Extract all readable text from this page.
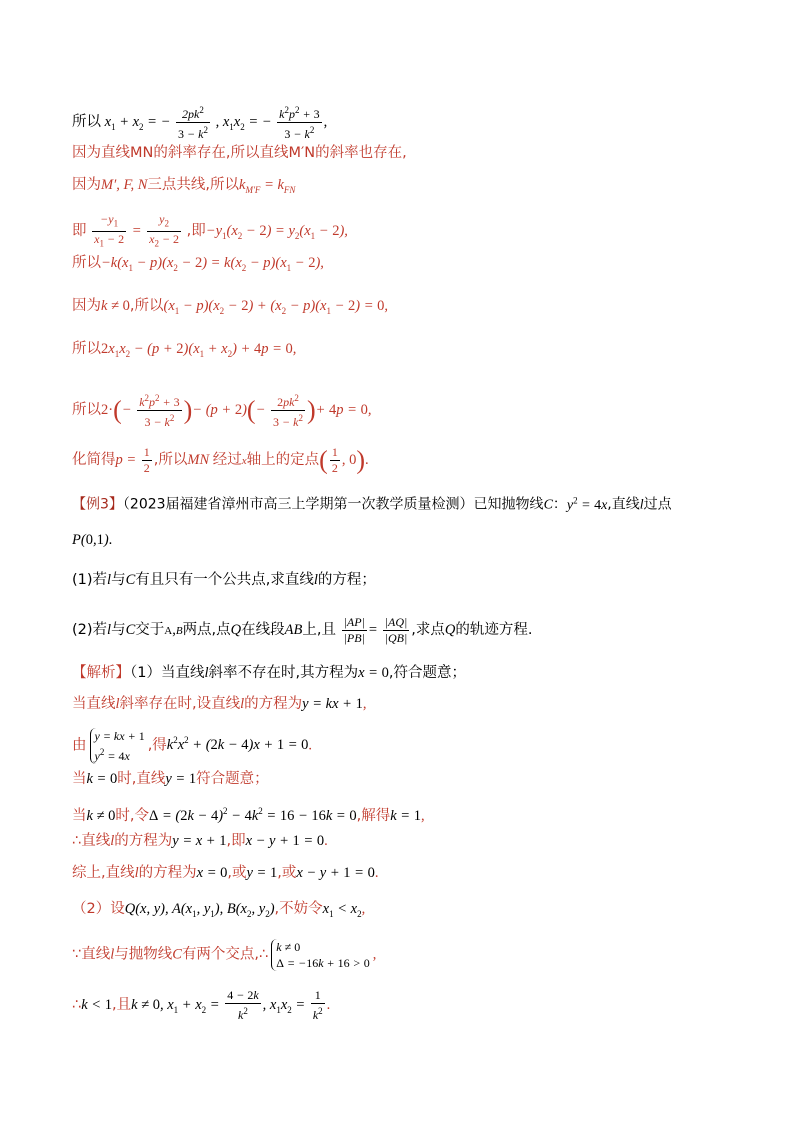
所以 $x_1 + x_2$ = − $\frac{2pk^2}{3 - k^2}$ , $x_1x_2$ = − $\frac{k^2p^2 + 3}{3 - k^2}$ ,
因为直线MN的斜率存在,所以直线M′N的斜率也存在,
因为M′, F, N三点共线,所以$k_{M'F} = k_{FN}$
即 $\frac{-y_1}{x_1 - 2} = \frac{y_2}{x_2 - 2}$ ,即$-y_1(x_2 - 2) = y_2(x_1 - 2)$,
所以$-k(x_1 - p)(x_2 - 2) = k(x_2 - p)(x_1 - 2)$,
因为k ≠ 0,所以$(x_1 - p)(x_2 - 2) + (x_2 - p)(x_1 - 2) = 0$,
所以$2x_1x_2 - (p + 2)(x_1 + x_2) + 4p = 0$,
所以$2\cdot(- \frac{k^2p^2 + 3}{3 - k^2}$ )− $(p + 2)(- \frac{2pk^2}{3 - k^2}$ )+ 4p = 0,
化简得$p = \frac{1}{2}$ ,所以MN 经过x轴上的定点( $\frac{1}{2}$ , 0).
【例3】（2023届福建省漳州市高三上学期第一次教学质量检测）已知抛物线C：$y^2 = 4x$,直线l过点
P(0,1).
(1)若l与C有且只有一个公共点,求直线l的方程；
(2)若l与C交于A,B两点,点Q在线段AB上,且 $\frac{|AP|}{|PB|} = \frac{|AQ|}{|QB|}$ ,求点Q的轨迹方程.
【解析】（1）当直线l斜率不存在时,其方程为x = 0,符合题意；
当直线l斜率存在时,设直线l的方程为y = kx + 1,
由
y = kx + 1
$y^2 = 4x$
,得$k^2x^2 + (2k - 4)x + 1 = 0$.
当k = 0时,直线y = 1符合题意；
当k ≠ 0时,令$\Delta = (2k - 4)^2 - 4k^2 = 16 - 16k = 0$,解得k = 1,
∴直线l的方程为y = x + 1,即x − y + 1 = 0.
综上,直线l的方程为x = 0,或y = 1,或x − y + 1 = 0.
（2）设Q(x, y), $A(x_1$, $y_1$), $B(x_2$, $y_2$),不妨令$x_1 < x_2$,
∵直线l与抛物线C有两个交点,∴ k ≠ 0
Δ = −16k + 16 > 0
,
∴k < 1,且k ≠ 0, $x_1 + x_2 = \frac{4 - 2k}{k^2}$ , $x_1x_2 = \frac{1}{k^2}$ .
